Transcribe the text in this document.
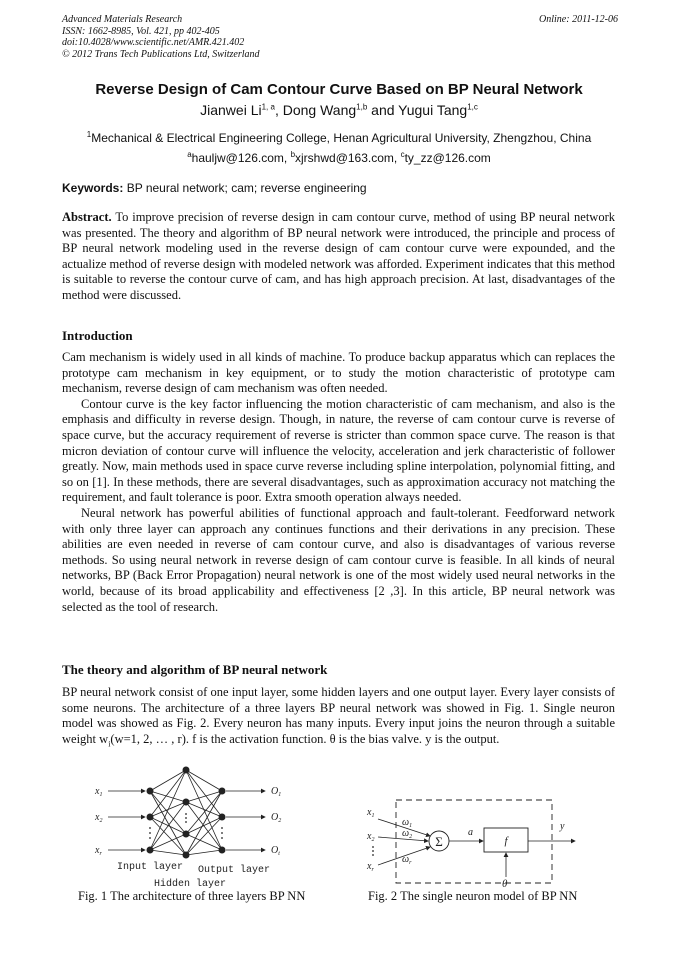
Advanced Materials Research
ISSN: 1662-8985, Vol. 421, pp 402-405
doi:10.4028/www.scientific.net/AMR.421.402
© 2012 Trans Tech Publications Ltd, Switzerland
Online: 2011-12-06
Reverse Design of Cam Contour Curve Based on BP Neural Network
Jianwei Li$^{1, a}$, Dong Wang$^{1,b}$ and Yugui Tang$^{1,c}$
$^1$Mechanical & Electrical Engineering College, Henan Agricultural University, Zhengzhou, China
$^a$hauljw@126.com, $^b$xjrshwd@163.com, $^c$ty_zz@126.com
Keywords: BP neural network; cam; reverse engineering
Abstract. To improve precision of reverse design in cam contour curve, method of using BP neural network was presented. The theory and algorithm of BP neural network were introduced, the principle and process of BP neural network modeling used in the reverse design of cam contour curve were expounded, and the actualize method of reverse design with modeled network was afforded. Experiment indicates that this method is suitable to reverse the contour curve of cam, and has high approach precision. At last, disadvantages of the method were discussed.
Introduction
Cam mechanism is widely used in all kinds of machine. To produce backup apparatus which can replaces the prototype cam mechanism in key equipment, or to study the motion characteristic of prototype cam mechanism, reverse design of cam mechanism was often needed.
Contour curve is the key factor influencing the motion characteristic of cam mechanism, and also is the emphasis and difficulty in reverse design. Though, in nature, the reverse of cam contour curve is reverse of space curve, but the accuracy requirement of reverse is stricter than common space curve. The reason is that micron deviation of contour curve will influence the velocity, acceleration and jerk characteristic of follower greatly. Now, main methods used in space curve reverse including spline interpolation, polynomial fitting, and so on [1]. In these methods, there are several disadvantages, such as approximation accuracy not matching the requirement, and fault tolerance is poor. Extra smooth operation always needed.
Neural network has powerful abilities of functional approach and fault-tolerant. Feedforward network with only three layer can approach any continues functions and their derivations in any precision. These abilities are even needed in reverse of cam contour curve, and also is disadvantages of various reverse methods. So using neural network in reverse design of cam contour curve is feasible. In all kinds of neural networks, BP (Back Error Propagation) neural network is one of the most widely used neural networks in the world, because of its broad applicability and effectiveness [2 ,3]. In this article, BP neural network was selected as the tool of research.
The theory and algorithm of BP neural network
BP neural network consist of one input layer, some hidden layers and one output layer. Every layer consists of some neurons. The architecture of a three layers BP neural network was showed in Fig. 1. Single neuron model was showed as Fig. 2. Every neuron has many inputs. Every input joins the neuron through a suitable weight $w_i(w=1$, 2, … , r). f is the activation function. θ is the bias valve. y is the output.
$x_1$
$x_2$
$x_r$
$O_1$
$O_2$
$O_t$
Input layer Output layer
Hidden layer
Fig. 1 The architecture of three layers BP NN
Σ	f
$x_1$
$x_2$
$x_r$
$\omega_1$
$\omega_2$
$\omega_r$
a
y
θ
Fig. 2 The single neuron model of BP NN
